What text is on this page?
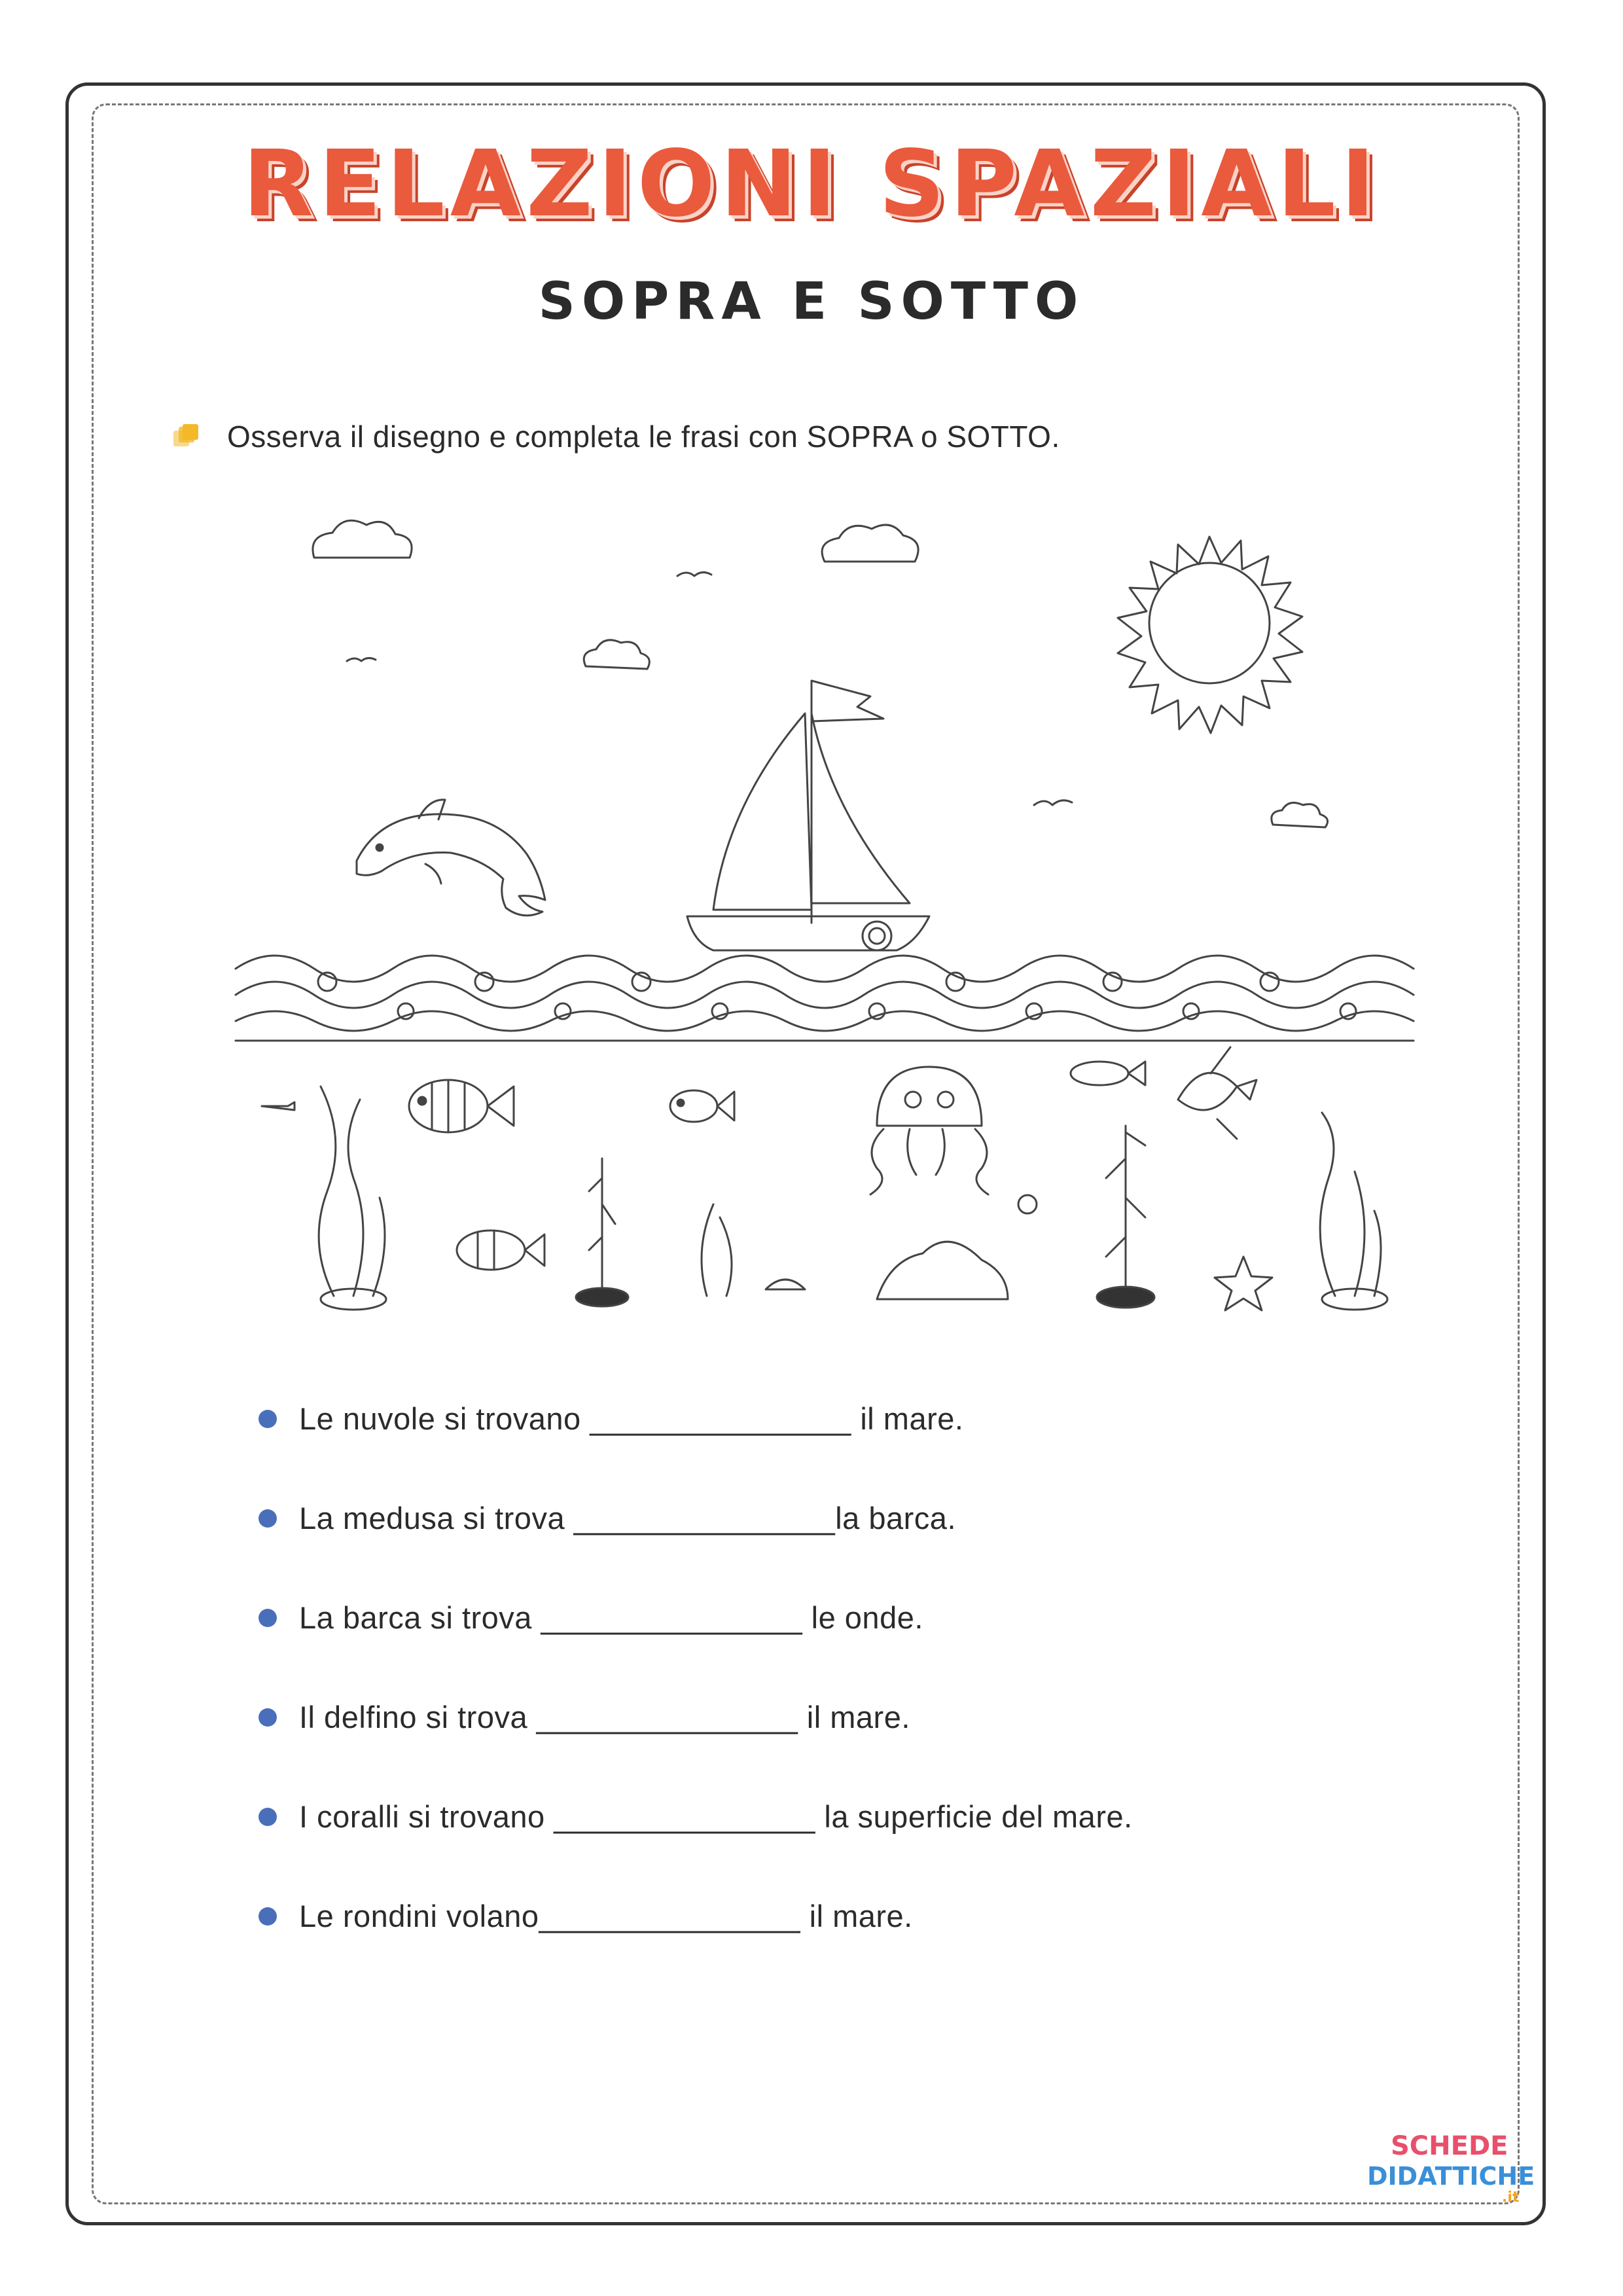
RELAZIONI SPAZIALI
SOPRA E SOTTO
Osserva il disegno e completa le frasi con SOPRA o SOTTO.
Le nuvole si trovano _______________ il mare.
La medusa si trova _______________la barca.
La barca si trova _______________ le onde.
Il delfino si trova _______________ il mare.
I coralli si trovano _______________ la superficie del mare.
Le rondini volano_______________ il mare.
SCHEDE
DIDATTICHE
.it
